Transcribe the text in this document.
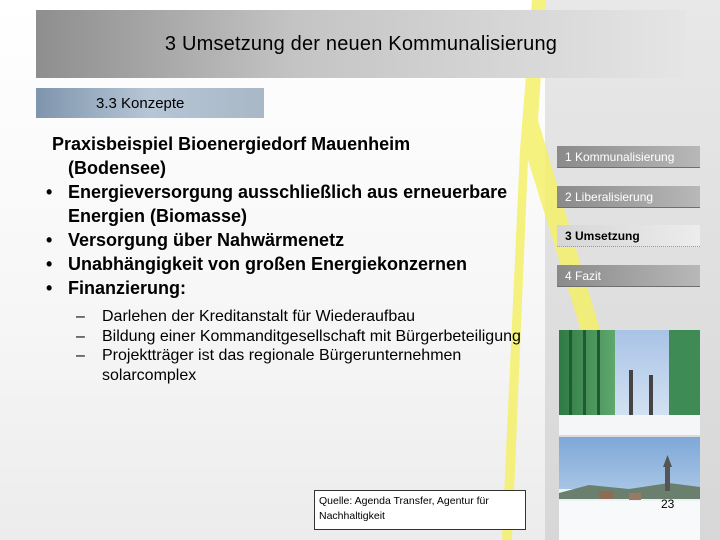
3 Umsetzung der neuen Kommunalisierung
3.3 Konzepte
Praxisbeispiel Bioenergiedorf Mauenheim
(Bodensee)
• Energieversorgung ausschließlich aus erneuerbare Energien (Biomasse)
• Versorgung über Nahwärmenetz
• Unabhängigkeit von großen Energiekonzernen
• Finanzierung:
– Darlehen der Kreditanstalt für Wiederaufbau
– Bildung einer Kommanditgesellschaft mit Bürgerbeteiligung
– Projektträger ist das regionale Bürgerunternehmen solarcomplex
Quelle: Agenda Transfer, Agentur für Nachhaltigkeit
1 Kommunalisierung
2 Liberalisierung
3 Umsetzung
4 Fazit
23
